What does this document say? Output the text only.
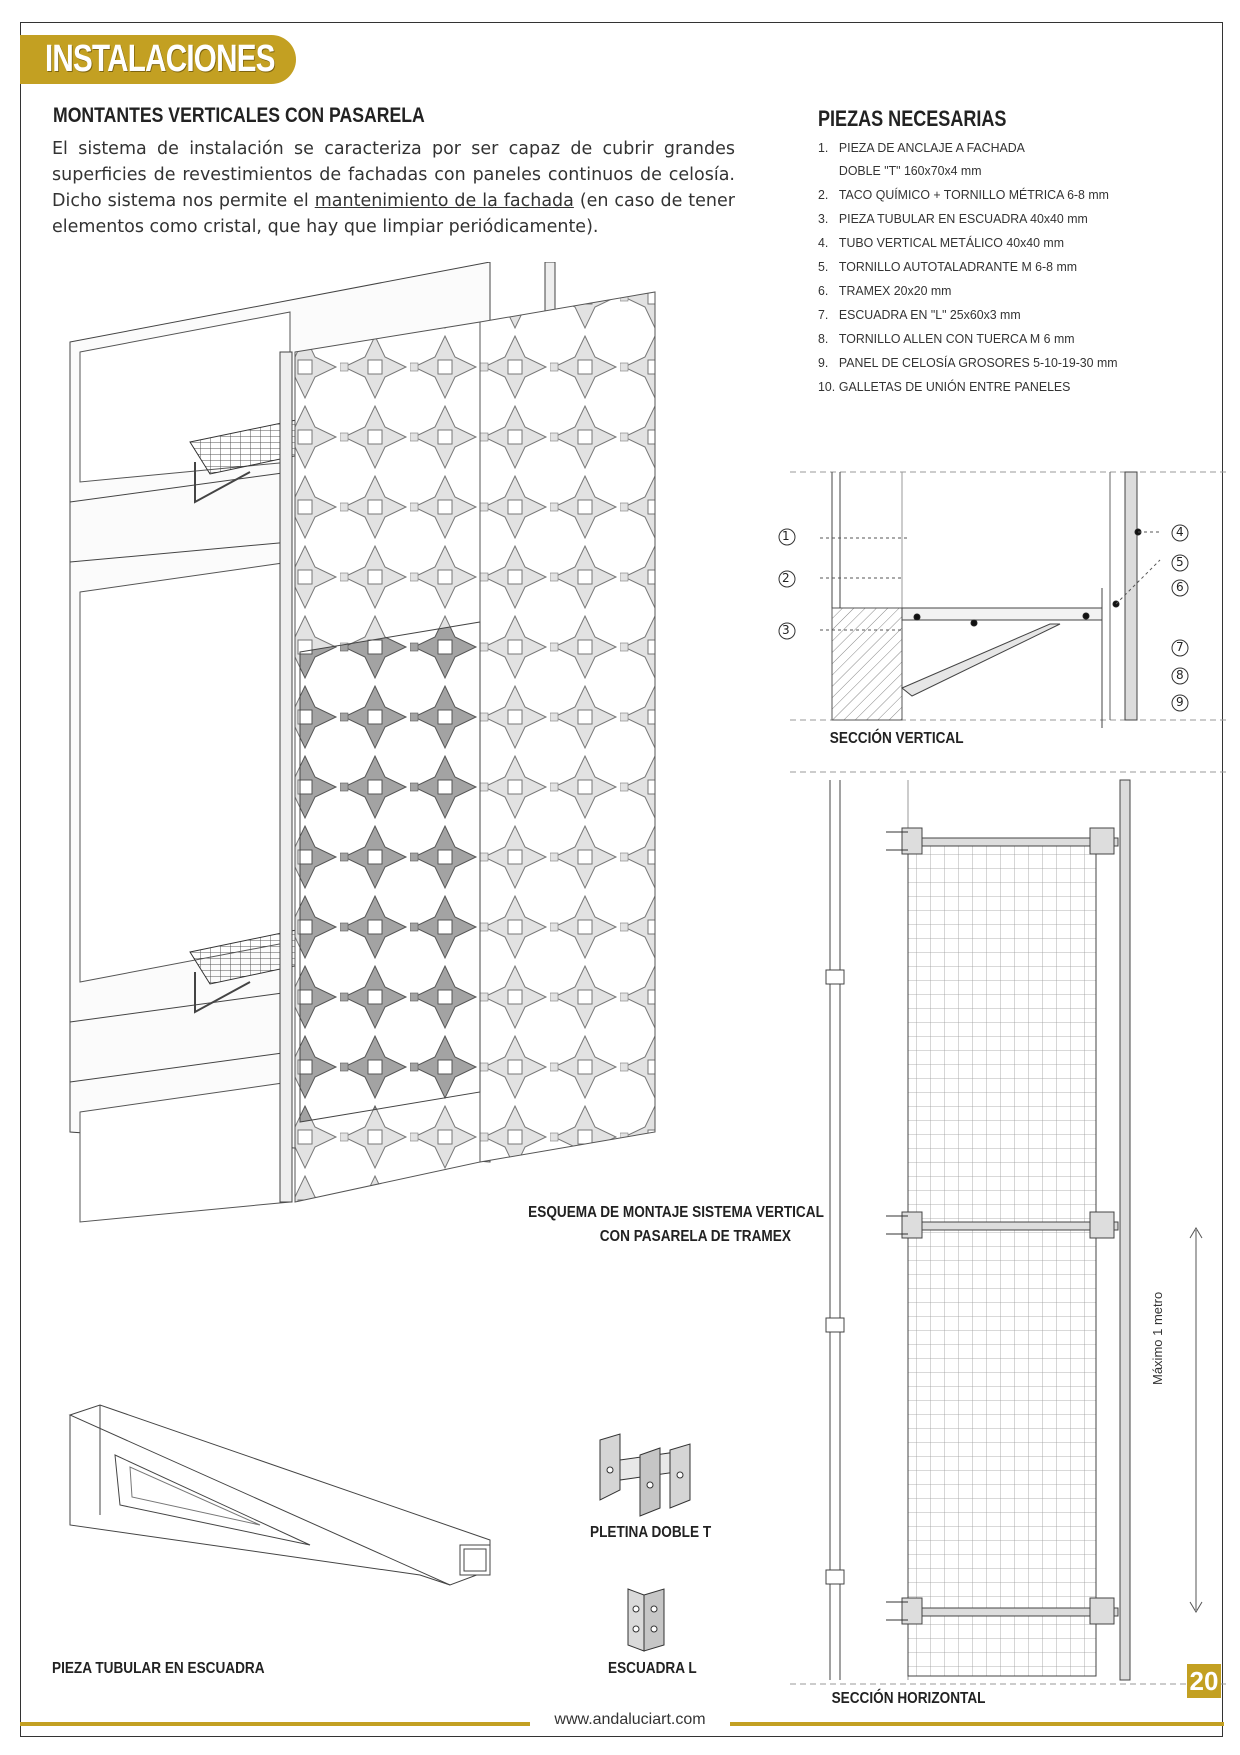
INSTALACIONES
MONTANTES VERTICALES CON PASARELA
El sistema de instalación se caracteriza por ser capaz de cubrir grandes superficies de revestimientos de fachadas con paneles continuos de celosía. Dicho sistema nos permite el mantenimiento de la fachada (en caso de tener elementos como cristal, que hay que limpiar periódicamente).
PIEZAS NECESARIAS
1. PIEZA DE ANCLAJE A FACHADA
DOBLE "T" 160x70x4 mm
2. TACO QUÍMICO + TORNILLO MÉTRICA 6-8 mm
3. PIEZA TUBULAR EN ESCUADRA 40x40 mm
4. TUBO VERTICAL METÁLICO 40x40 mm
5. TORNILLO AUTOTALADRANTE M 6-8 mm
6. TRAMEX 20x20 mm
7. ESCUADRA EN "L" 25x60x3 mm
8. TORNILLO ALLEN CON TUERCA M 6 mm
9. PANEL DE CELOSÍA GROSORES 5-10-19-30 mm
10. GALLETAS DE UNIÓN ENTRE PANELES
1
2
3
4
5
6
7
8
9
SECCIÓN VERTICAL
Máximo 1 metro
SECCIÓN HORIZONTAL
ESQUEMA DE MONTAJE SISTEMA VERTICAL
CON PASARELA DE TRAMEX
PIEZA TUBULAR EN ESCUADRA
PLETINA DOBLE T
ESCUADRA L
www.andaluciart.com
20
